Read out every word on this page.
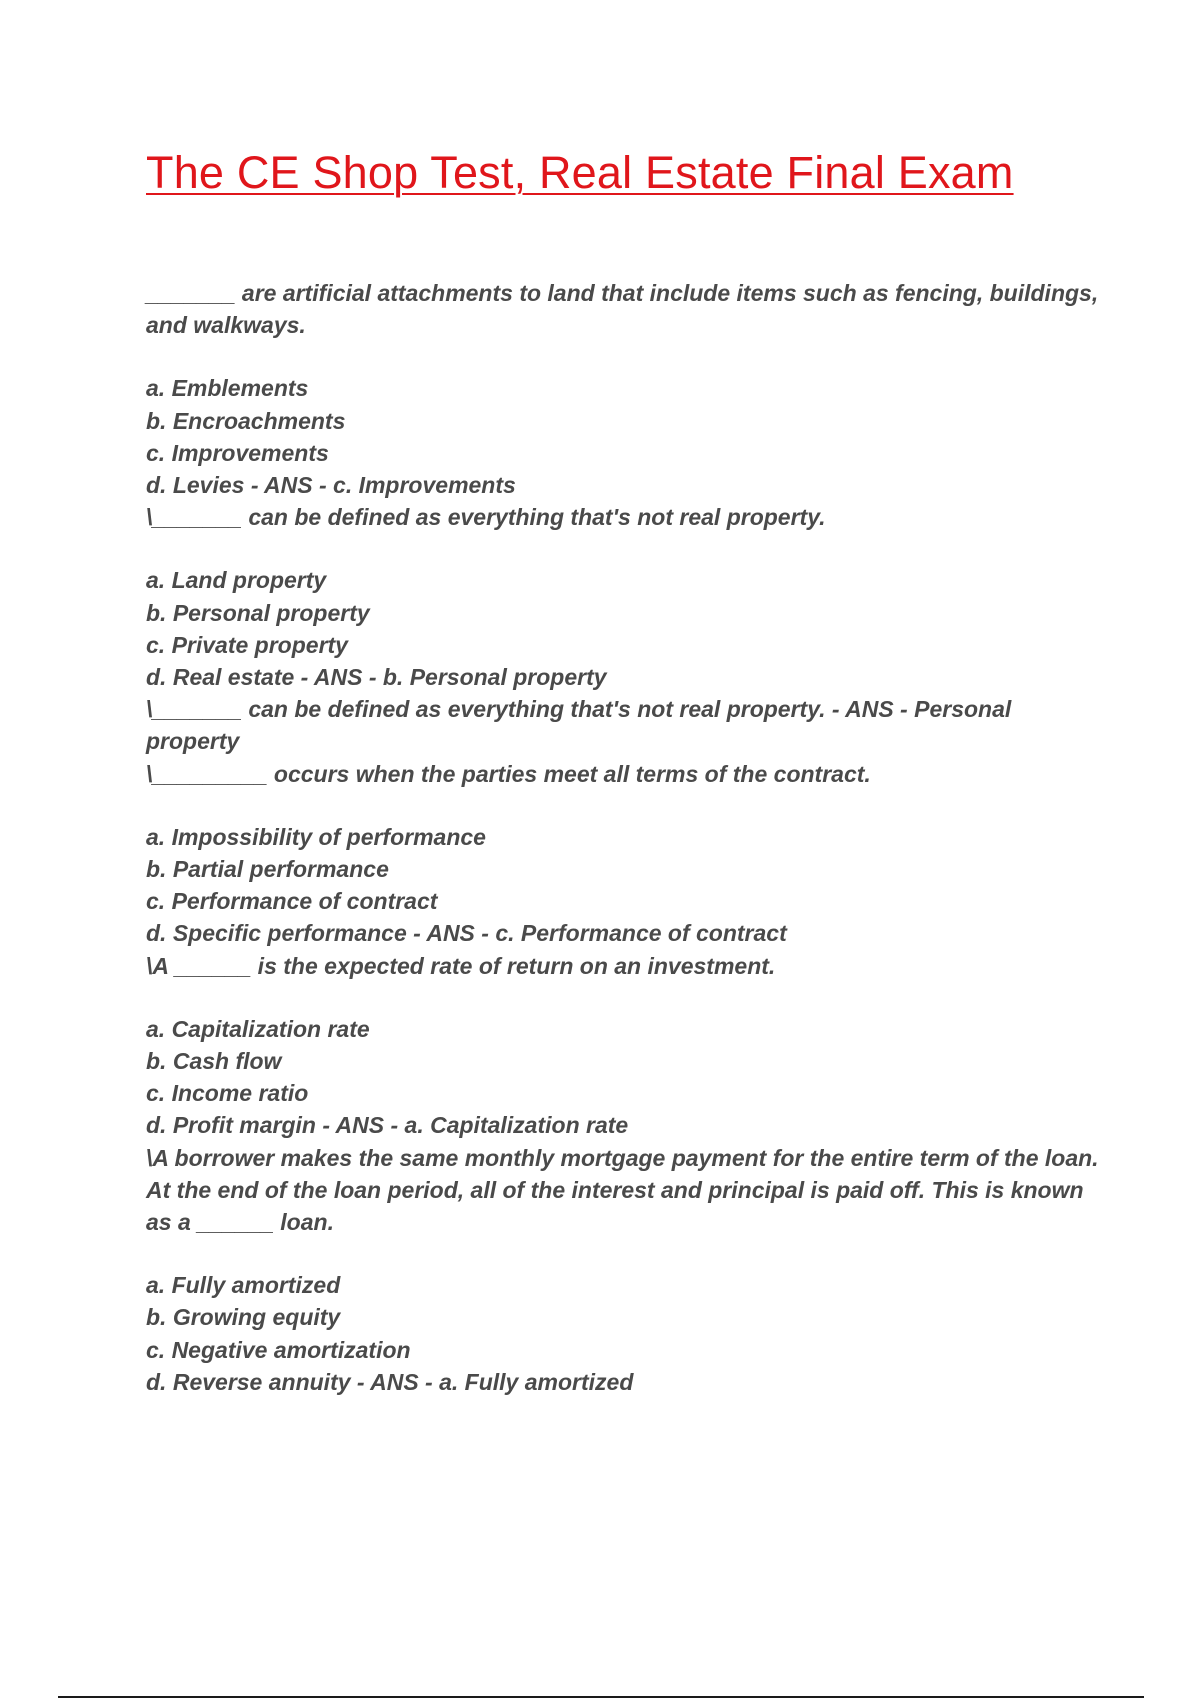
The CE Shop Test, Real Estate Final Exam

_______ are artificial attachments to land that include items such as fencing, buildings, and walkways.

a. Emblements
b. Encroachments
c. Improvements
d. Levies - ANS - c. Improvements

\_______ can be defined as everything that's not real property.

a. Land property
b. Personal property
c. Private property
d. Real estate - ANS - b. Personal property

\_______ can be defined as everything that's not real property. - ANS - Personal property

\_________ occurs when the parties meet all terms of the contract.

a. Impossibility of performance
b. Partial performance
c. Performance of contract
d. Specific performance - ANS - c. Performance of contract

\A ______ is the expected rate of return on an investment.

a. Capitalization rate
b. Cash flow
c. Income ratio
d. Profit margin - ANS - a. Capitalization rate

\A borrower makes the same monthly mortgage payment for the entire term of the loan. At the end of the loan period, all of the interest and principal is paid off. This is known as a ______ loan.

a. Fully amortized
b. Growing equity
c. Negative amortization
d. Reverse annuity - ANS - a. Fully amortized
